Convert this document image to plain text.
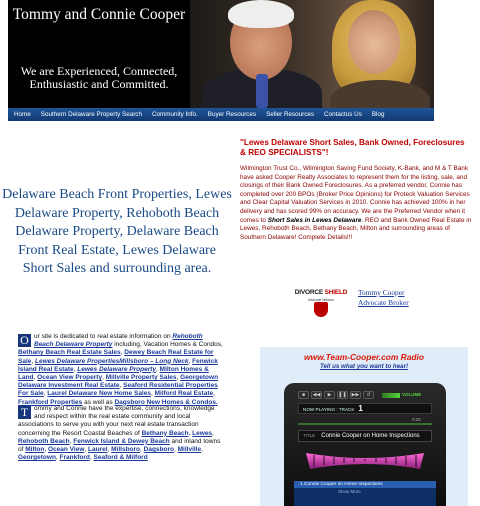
Tommy and Connie Cooper
We are Experienced, Connected, Enthusiastic and Committed.
Home	Southern Delaware Property Search	Community Info.	Buyer Resources	Seller Resources	Contactus Us	Blog
Delaware Beach Front Properties, Lewes Delaware Property, Rehoboth Beach Delaware Property, Delaware Beach Front Real Estate, Lewes Delaware Short Sales and surrounding area.
"Lewes Delaware Short Sales, Bank Owned, Foreclosures & REO SPECIALISTS"!
Wilmington Trust Co., Wilmington Saving Fund Society, K-Bank, and M & T Bank have asked Cooper Realty Associates to represent them for the listing, sale, and closings of their Bank Owned Foreclosures. As a preferred vendor, Connie has completed over 200 BPOs (Broker Price Opinions) for Proteck Valuation Services and Clear Capital Valuation Services in 2010. Connie has achieved 100% in her delivery and has scored 99% on accuracy. We are the Preferred Vendor when it comes to Short Sales in Lewes Delaware. REO and Bank Owned Real Estate in Lewes, Rehoboth Beach, Bethany Beach, Milton and surrounding areas of Southern Delaware! Complete Details!!!
DIVORCE SHIELD
Advocate Network
Tommy Cooper
Advocate Broker
www.Team-Cooper.com Radio
Tell us what you want to hear!
■	◀◀	▶	❚❚ ▶▶	↺	VOLUME
NOW PLAYING : TRACK 1
0:25
TITLE Connie Cooper on Home Inspections
1 Connie Cooper on Home Inspections
Show More
O ur site is dedicated to real estate information on Rehoboth Beach Delaware Property including, Vacation Homes & Condos, Bethany Beach Real Estate Sales, Dewey Beach Real Estate for Sale, Lewes Delaware PropertiesMillsboro – Long Neck, Fenwick Island Real Estate, Lewes Delaware Property, Milton Homes & Land, Ocean View Property, Millville Property Sales, Georgetown Delaware Investment Real Estate, Seaford Residential Properties For Sale, Laurel Delaware New Home Sales, Milford Real Estate, Frankford Properties as well as Dagsboro New Homes & Condos.
T ommy and Connie have the expertise, connections, knowledge and respect within the real estate community and local associations to serve you with your next real estate transaction concerning the Resort Coastal Beaches of Bethany Beach, Lewes, Rehoboth Beach, Fenwick Island & Dewey Beach and inland towns of Milton, Ocean View, Laurel, Millsboro, Dagsboro, Millville, Georgetown, Frankford, Seaford & Milford
